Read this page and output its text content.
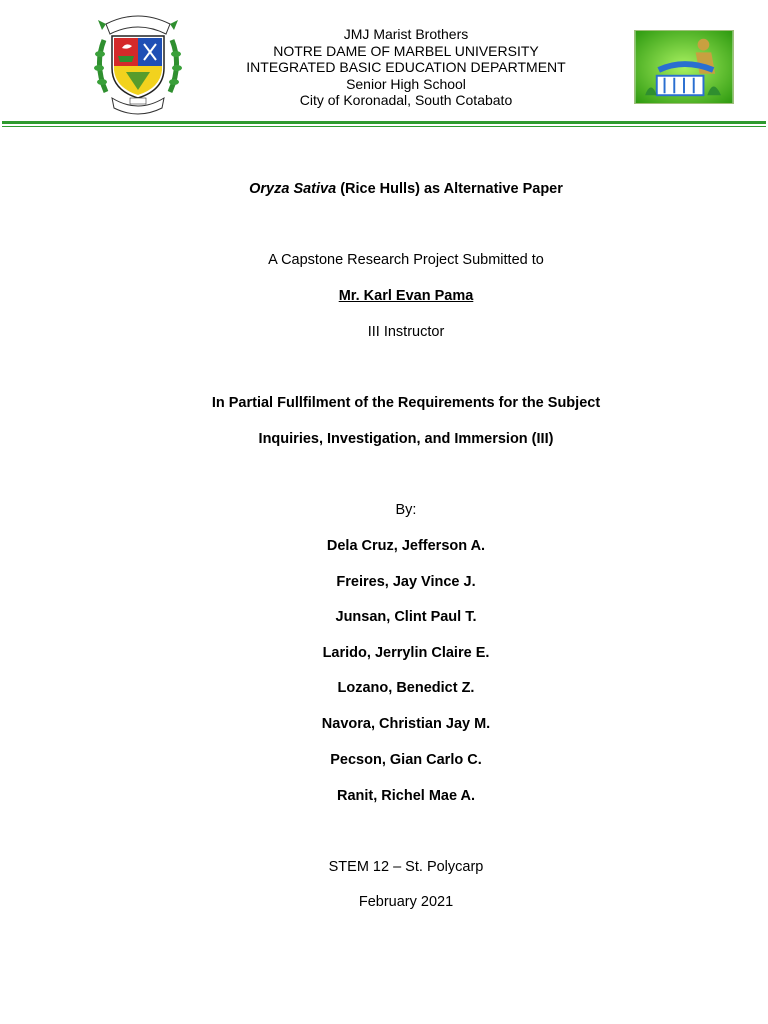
JMJ Marist Brothers
NOTRE DAME OF MARBEL UNIVERSITY
INTEGRATED BASIC EDUCATION DEPARTMENT
Senior High School
City of Koronadal, South Cotabato
Oryza Sativa (Rice Hulls) as Alternative Paper
A Capstone Research Project Submitted to
Mr. Karl Evan Pama
III Instructor
In Partial Fullfilment of the Requirements for the Subject
Inquiries, Investigation, and Immersion (III)
By:
Dela Cruz, Jefferson A.
Freires, Jay Vince J.
Junsan, Clint Paul T.
Larido, Jerrylin Claire E.
Lozano, Benedict Z.
Navora, Christian Jay M.
Pecson, Gian Carlo C.
Ranit, Richel Mae A.
STEM 12 – St. Polycarp
February 2021
